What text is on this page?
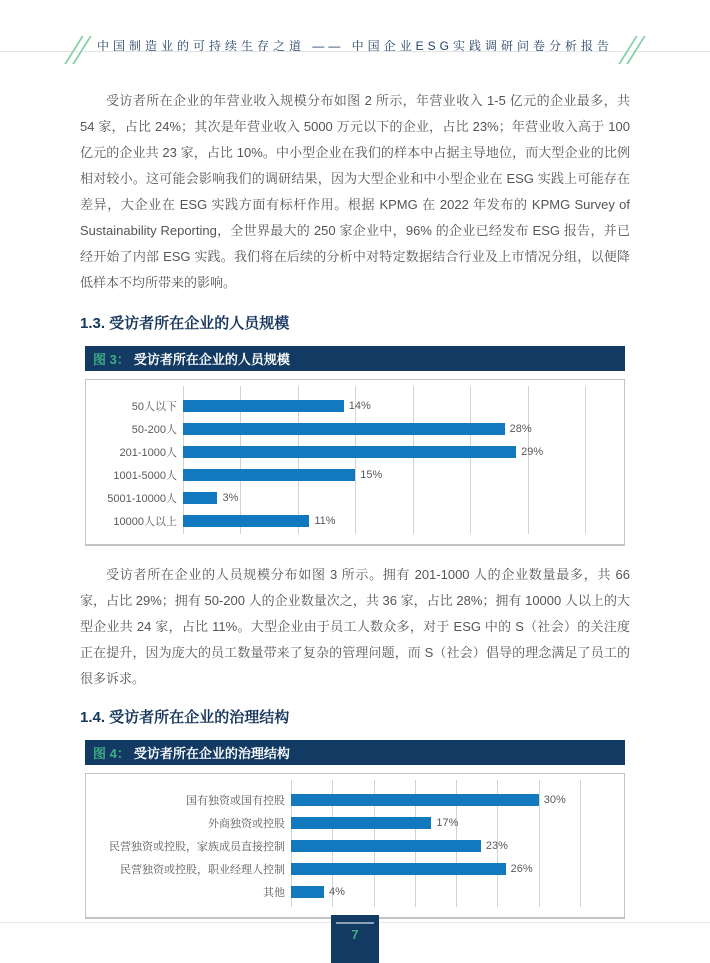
中国制造业的可持续生存之道 —— 中国企业ESG实践调研问卷分析报告

受访者所在企业的年营业收入规模分布如图 2 所示，年营业收入 1-5 亿元的企业最多，共 54 家，占比 24%；其次是年营业收入 5000 万元以下的企业，占比 23%；年营业收入高于 100 亿元的企业共 23 家，占比 10%。中小型企业在我们的样本中占据主导地位，而大型企业的比例相对较小。这可能会影响我们的调研结果，因为大型企业和中小型企业在 ESG 实践上可能存在差异，大企业在 ESG 实践方面有标杆作用。根据 KPMG 在 2022 年发布的 KPMG Survey of Sustainability Reporting，全世界最大的 250 家企业中，96% 的企业已经发布 ESG 报告，并已经开始了内部 ESG 实践。我们将在后续的分析中对特定数据结合行业及上市情况分组，以便降低样本不均所带来的影响。

1.3. 受访者所在企业的人员规模
图 3： 受访者所在企业的人员规模
50人以下	14%
50-200人	28%
201-1000人	29%
1001-5000人	15%
5001-10000人	3%
10000人以上	11%

受访者所在企业的人员规模分布如图 3 所示。拥有 201-1000 人的企业数量最多，共 66 家，占比 29%；拥有 50-200 人的企业数量次之，共 36 家，占比 28%；拥有 10000 人以上的大型企业共 24 家，占比 11%。大型企业由于员工人数众多，对于 ESG 中的 S（社会）的关注度正在提升，因为庞大的员工数量带来了复杂的管理问题，而 S（社会）倡导的理念满足了员工的很多诉求。

1.4. 受访者所在企业的治理结构
图 4： 受访者所在企业的治理结构
国有独资或国有控股	30%
外商独资或控股	17%
民营独资或控股，家族成员直接控制	23%
民营独资或控股，职业经理人控制	26%
其他	4%
7
